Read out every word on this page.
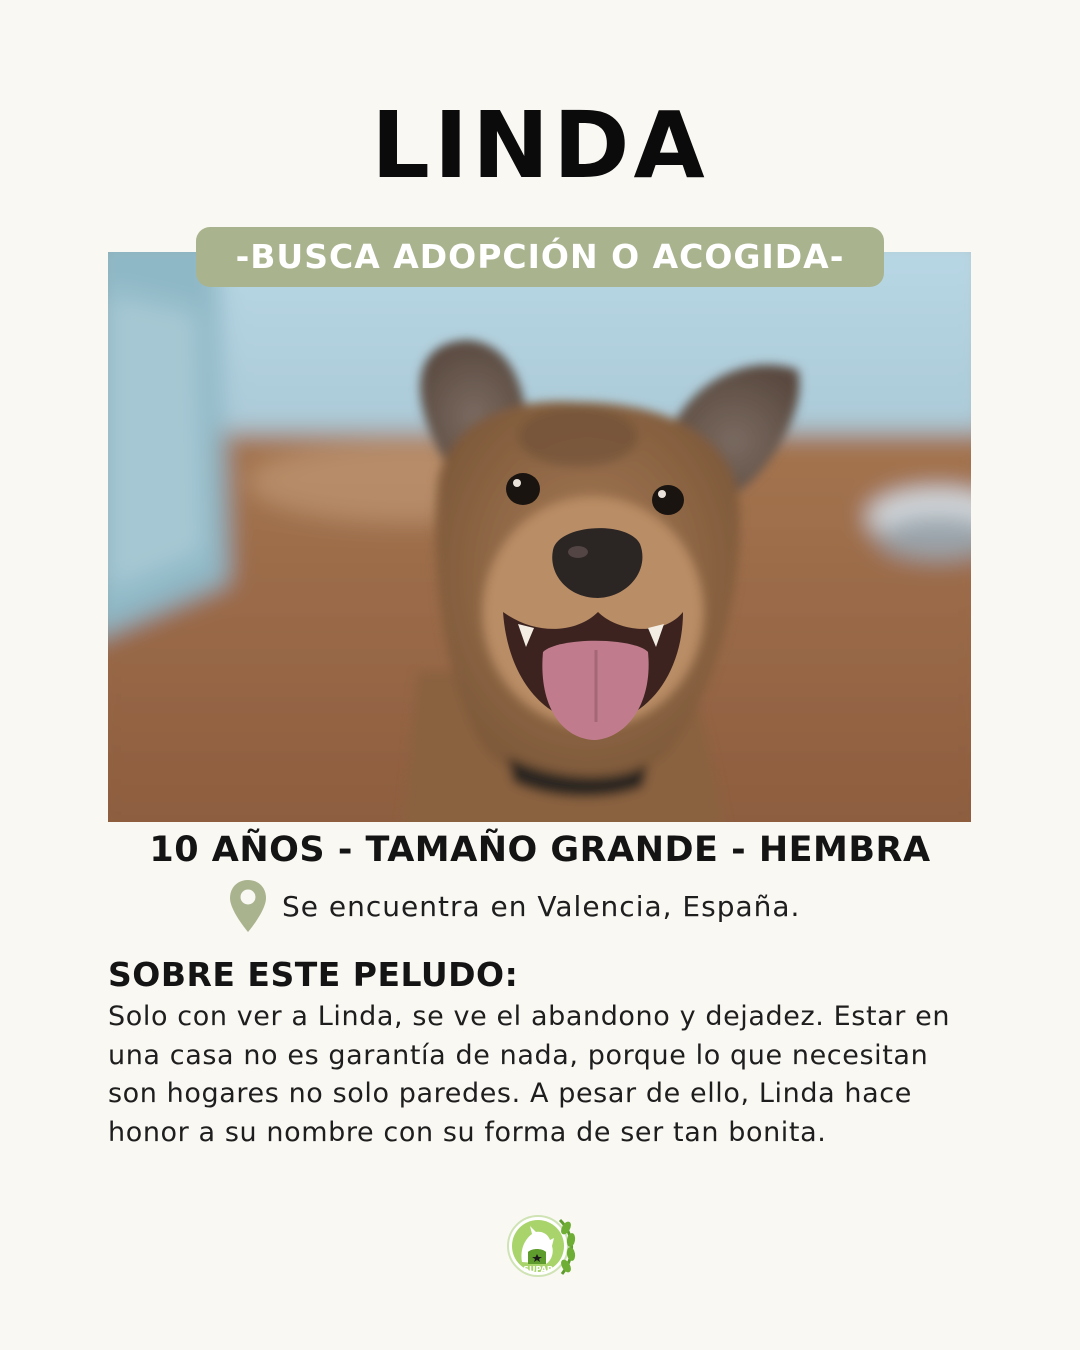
LINDA
-BUSCA ADOPCIÓN O ACOGIDA-
10 AÑOS - TAMAÑO GRANDE - HEMBRA
Se encuentra en Valencia, España.
SOBRE ESTE PELUDO:
Solo con ver a Linda, se ve el abandono y dejadez. Estar en una casa no es garantía de nada, porque lo que necesitan son hogares no solo paredes. A pesar de ello, Linda hace honor a su nombre con su forma de ser tan bonita.
SUPAP
